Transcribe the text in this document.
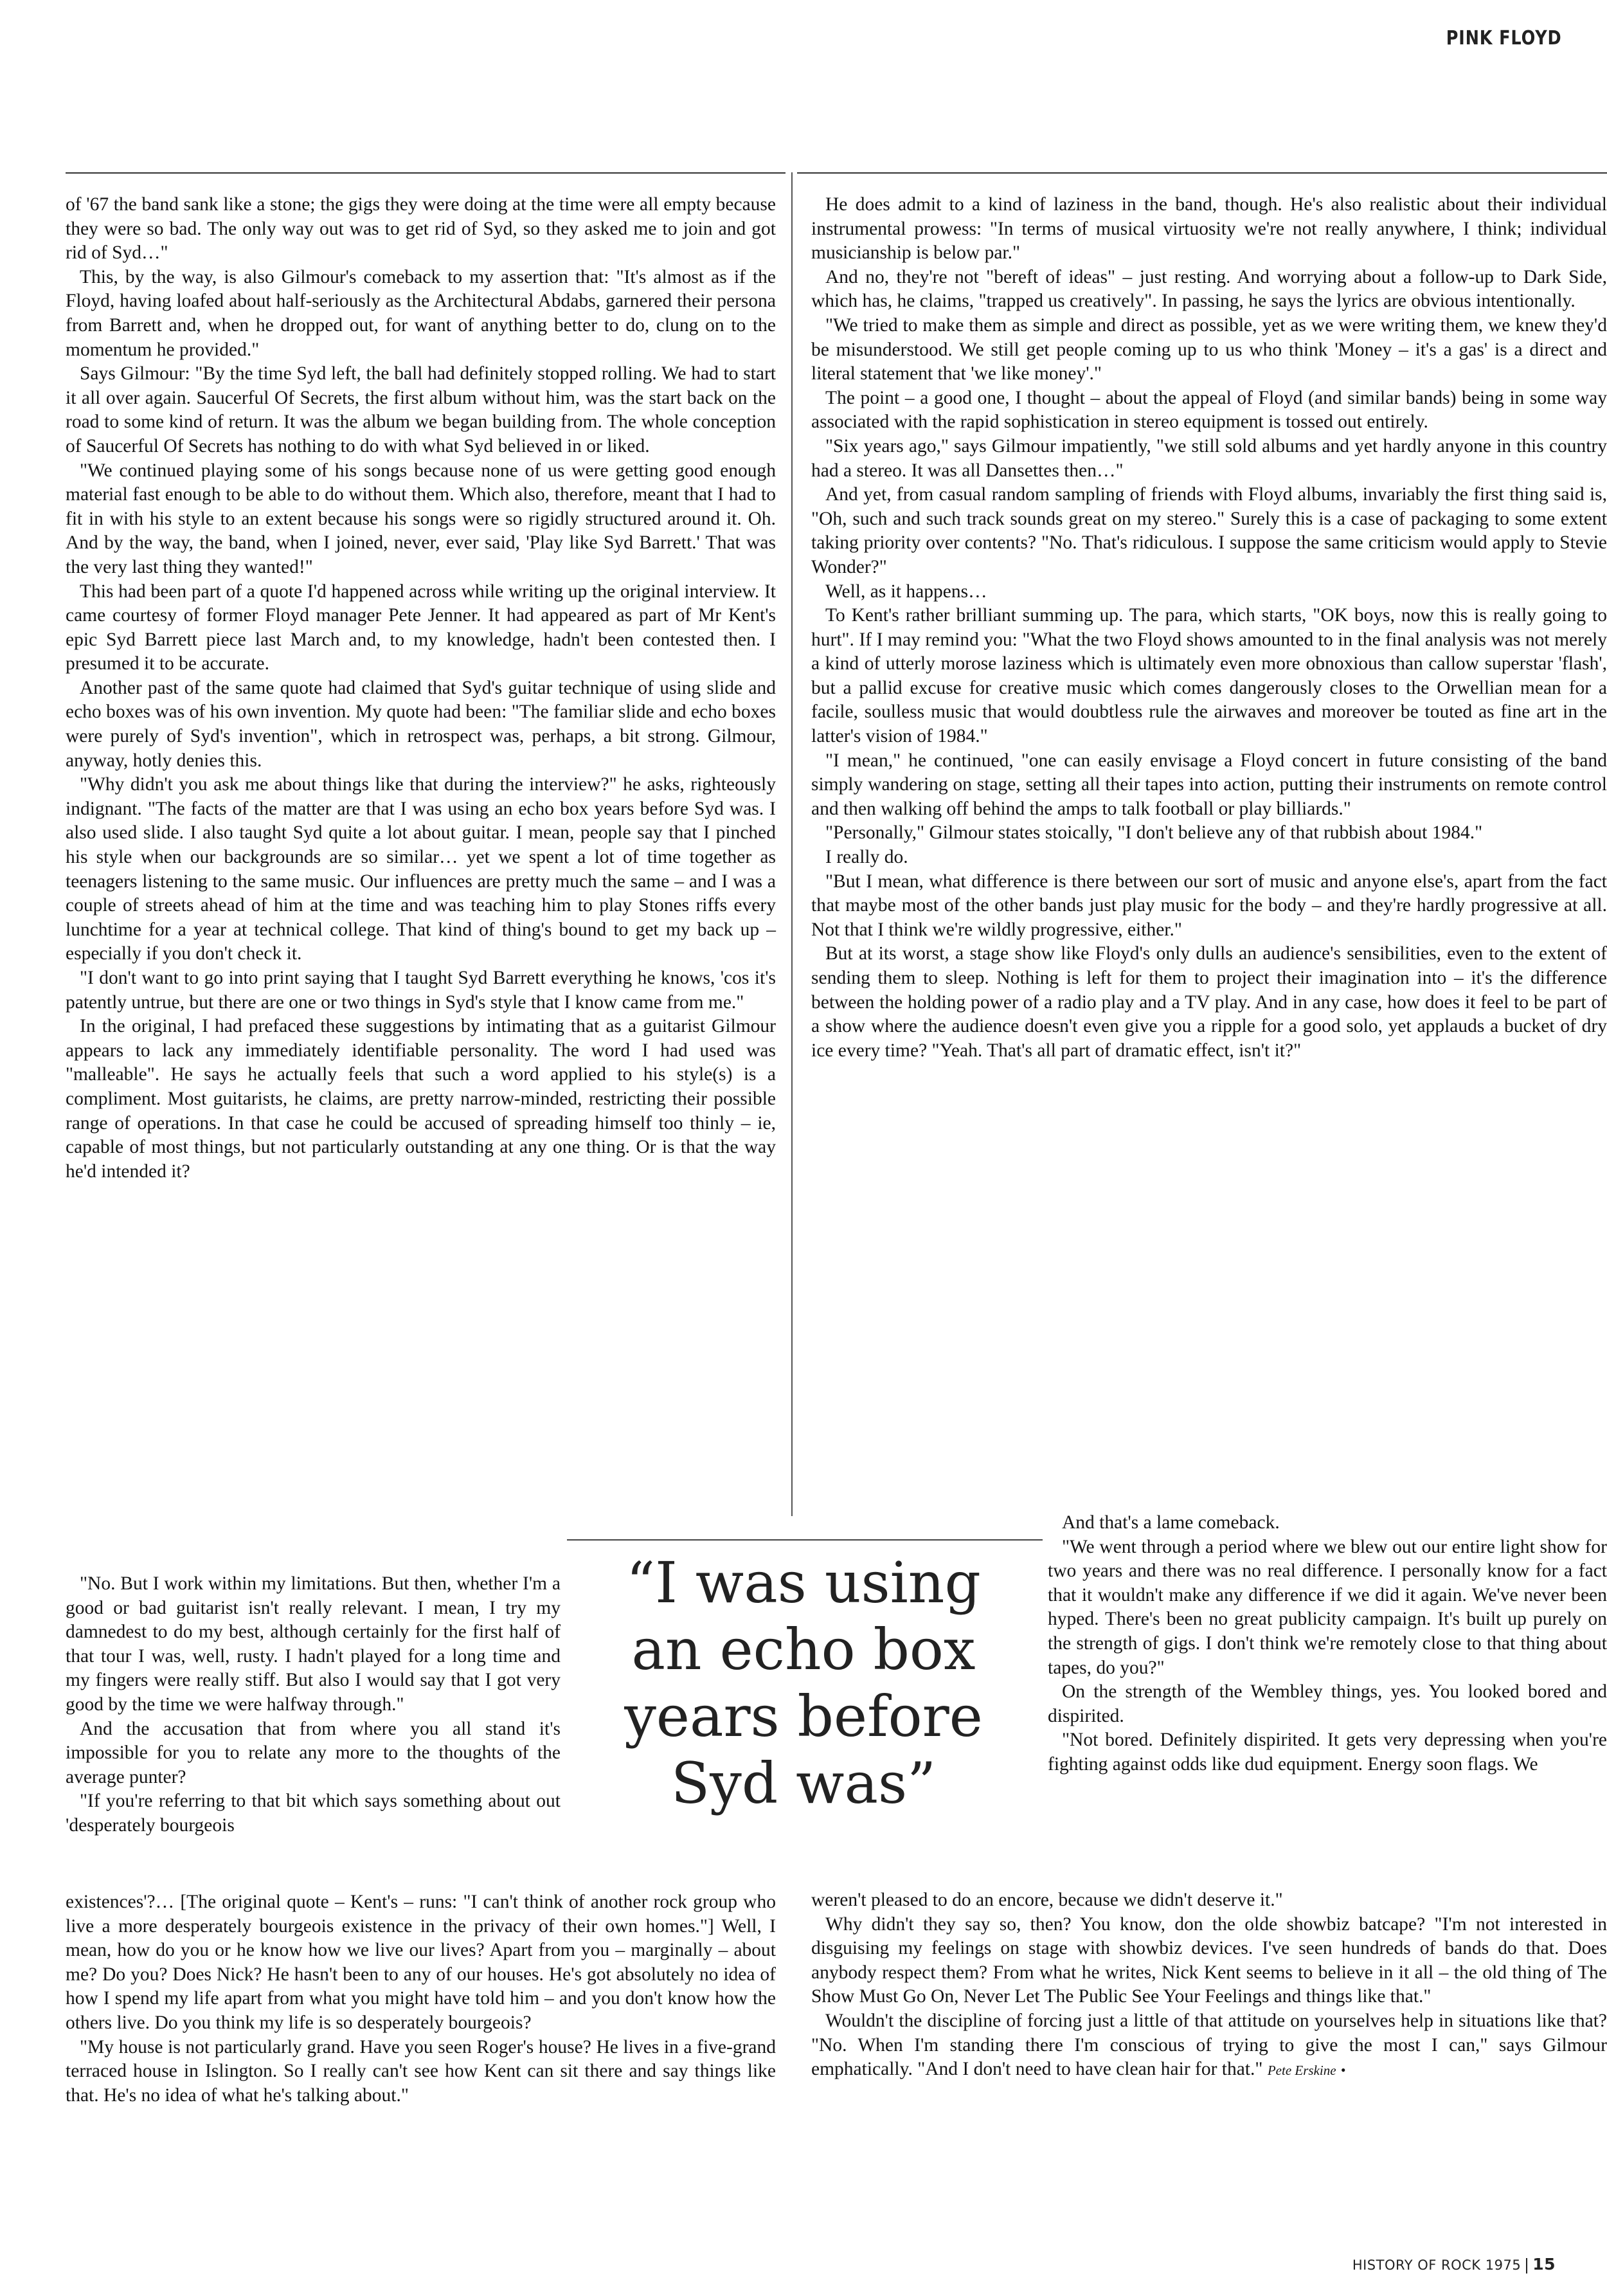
PINK FLOYD

of '67 the band sank like a stone; the gigs they were doing at the time were all empty because they were so bad. The only way out was to get rid of Syd, so they asked me to join and got rid of Syd…"

This, by the way, is also Gilmour's comeback to my assertion that: "It's almost as if the Floyd, having loafed about half-seriously as the Architectural Abdabs, garnered their persona from Barrett and, when he dropped out, for want of anything better to do, clung on to the momentum he provided."

Says Gilmour: "By the time Syd left, the ball had definitely stopped rolling. We had to start it all over again. Saucerful Of Secrets, the first album without him, was the start back on the road to some kind of return. It was the album we began building from. The whole conception of Saucerful Of Secrets has nothing to do with what Syd believed in or liked.

"We continued playing some of his songs because none of us were getting good enough material fast enough to be able to do without them. Which also, therefore, meant that I had to fit in with his style to an extent because his songs were so rigidly structured around it. Oh. And by the way, the band, when I joined, never, ever said, 'Play like Syd Barrett.' That was the very last thing they wanted!"

This had been part of a quote I'd happened across while writing up the original interview. It came courtesy of former Floyd manager Pete Jenner. It had appeared as part of Mr Kent's epic Syd Barrett piece last March and, to my knowledge, hadn't been contested then. I presumed it to be accurate.

Another past of the same quote had claimed that Syd's guitar technique of using slide and echo boxes was of his own invention. My quote had been: "The familiar slide and echo boxes were purely of Syd's invention", which in retrospect was, perhaps, a bit strong. Gilmour, anyway, hotly denies this.

"Why didn't you ask me about things like that during the interview?" he asks, righteously indignant. "The facts of the matter are that I was using an echo box years before Syd was. I also used slide. I also taught Syd quite a lot about guitar. I mean, people say that I pinched his style when our backgrounds are so similar… yet we spent a lot of time together as teenagers listening to the same music. Our influences are pretty much the same – and I was a couple of streets ahead of him at the time and was teaching him to play Stones riffs every lunchtime for a year at technical college. That kind of thing's bound to get my back up – especially if you don't check it.

"I don't want to go into print saying that I taught Syd Barrett everything he knows, 'cos it's patently untrue, but there are one or two things in Syd's style that I know came from me."

In the original, I had prefaced these suggestions by intimating that as a guitarist Gilmour appears to lack any immediately identifiable personality. The word I had used was "malleable". He says he actually feels that such a word applied to his style(s) is a compliment. Most guitarists, he claims, are pretty narrow-minded, restricting their possible range of operations. In that case he could be accused of spreading himself too thinly – ie, capable of most things, but not particularly outstanding at any one thing. Or is that the way he'd intended it?

"No. But I work within my limitations. But then, whether I'm a good or bad guitarist isn't really relevant. I mean, I try my damnedest to do my best, although certainly for the first half of that tour I was, well, rusty. I hadn't played for a long time and my fingers were really stiff. But also I would say that I got very good by the time we were halfway through."

And the accusation that from where you all stand it's impossible for you to relate any more to the thoughts of the average punter?

"If you're referring to that bit which says something about out 'desperately bourgeois

existences'?… [The original quote – Kent's – runs: "I can't think of another rock group who live a more desperately bourgeois existence in the privacy of their own homes."] Well, I mean, how do you or he know how we live our lives? Apart from you – marginally – about me? Do you? Does Nick? He hasn't been to any of our houses. He's got absolutely no idea of how I spend my life apart from what you might have told him – and you don't know how the others live. Do you think my life is so desperately bourgeois?

"My house is not particularly grand. Have you seen Roger's house? He lives in a five-grand terraced house in Islington. So I really can't see how Kent can sit there and say things like that. He's no idea of what he's talking about."

“I was using
an echo box
years before
Syd was”

He does admit to a kind of laziness in the band, though. He's also realistic about their individual instrumental prowess: "In terms of musical virtuosity we're not really anywhere, I think; individual musicianship is below par."

And no, they're not "bereft of ideas" – just resting. And worrying about a follow-up to Dark Side, which has, he claims, "trapped us creatively". In passing, he says the lyrics are obvious intentionally.

"We tried to make them as simple and direct as possible, yet as we were writing them, we knew they'd be misunderstood. We still get people coming up to us who think 'Money – it's a gas' is a direct and literal statement that 'we like money'."

The point – a good one, I thought – about the appeal of Floyd (and similar bands) being in some way associated with the rapid sophistication in stereo equipment is tossed out entirely.

"Six years ago," says Gilmour impatiently, "we still sold albums and yet hardly anyone in this country had a stereo. It was all Dansettes then…"

And yet, from casual random sampling of friends with Floyd albums, invariably the first thing said is, "Oh, such and such track sounds great on my stereo." Surely this is a case of packaging to some extent taking priority over contents? "No. That's ridiculous. I suppose the same criticism would apply to Stevie Wonder?"

Well, as it happens…

To Kent's rather brilliant summing up. The para, which starts, "OK boys, now this is really going to hurt". If I may remind you: "What the two Floyd shows amounted to in the final analysis was not merely a kind of utterly morose laziness which is ultimately even more obnoxious than callow superstar 'flash', but a pallid excuse for creative music which comes dangerously closes to the Orwellian mean for a facile, soulless music that would doubtless rule the airwaves and moreover be touted as fine art in the latter's vision of 1984."

"I mean," he continued, "one can easily envisage a Floyd concert in future consisting of the band simply wandering on stage, setting all their tapes into action, putting their instruments on remote control and then walking off behind the amps to talk football or play billiards."

"Personally," Gilmour states stoically, "I don't believe any of that rubbish about 1984."

I really do.

"But I mean, what difference is there between our sort of music and anyone else's, apart from the fact that maybe most of the other bands just play music for the body – and they're hardly progressive at all. Not that I think we're wildly progressive, either."

But at its worst, a stage show like Floyd's only dulls an audience's sensibilities, even to the extent of sending them to sleep. Nothing is left for them to project their imagination into – it's the difference between the holding power of a radio play and a TV play. And in any case, how does it feel to be part of a show where the audience doesn't even give you a ripple for a good solo, yet applauds a bucket of dry ice every time? "Yeah. That's all part of dramatic effect, isn't it?"

And that's a lame comeback.

"We went through a period where we blew out our entire light show for two years and there was no real difference. I personally know for a fact that it wouldn't make any difference if we did it again. We've never been hyped. There's been no great publicity campaign. It's built up purely on the strength of gigs. I don't think we're remotely close to that thing about tapes, do you?"

On the strength of the Wembley things, yes. You looked bored and dispirited.

"Not bored. Definitely dispirited. It gets very depressing when you're fighting against odds like dud equipment. Energy soon flags. We

weren't pleased to do an encore, because we didn't deserve it."

Why didn't they say so, then? You know, don the olde showbiz batcape? "I'm not interested in disguising my feelings on stage with showbiz devices. I've seen hundreds of bands do that. Does anybody respect them? From what he writes, Nick Kent seems to believe in it all – the old thing of The Show Must Go On, Never Let The Public See Your Feelings and things like that."

Wouldn't the discipline of forcing just a little of that attitude on yourselves help in situations like that? "No. When I'm standing there I'm conscious of trying to give the most I can," says Gilmour emphatically. "And I don't need to have clean hair for that." Pete Erskine •

HISTORY OF ROCK 1975 15
